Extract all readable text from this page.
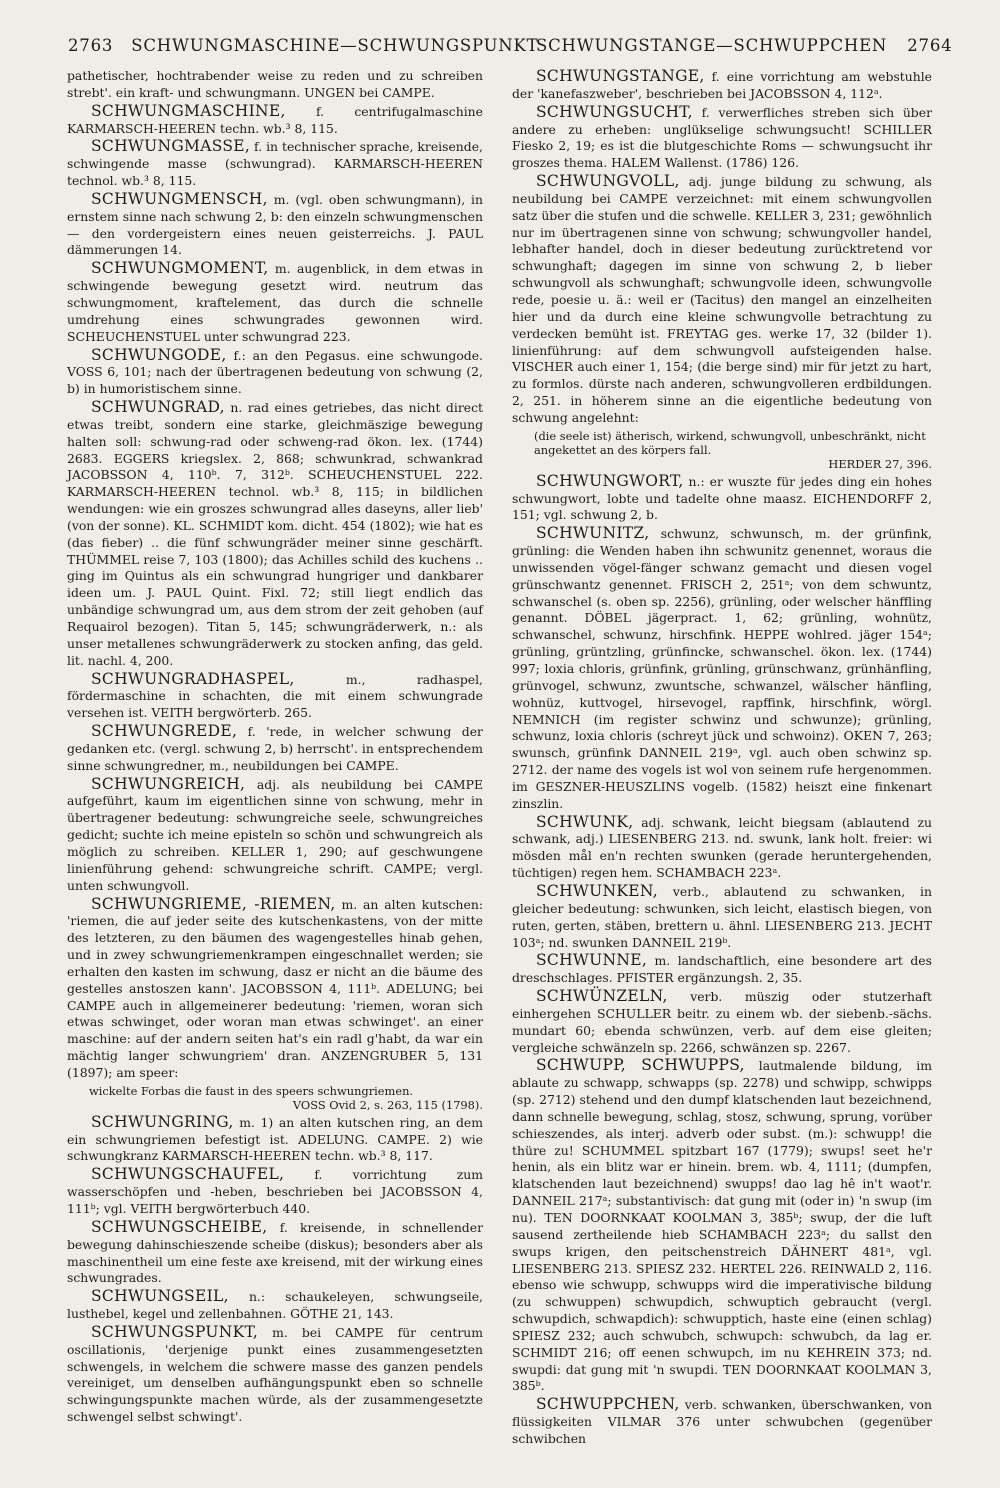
2763 SCHWUNGMASCHINE—SCHWUNGSPUNKT
SCHWUNGSTANGE—SCHWUPPCHEN 2764

pathetischer, hochtrabender weise zu reden und zu schreiben strebt'. ein kraft- und schwungmann. UNGEN bei CAMPE.

SCHWUNGMASCHINE, f. centrifugalmaschine KARMARSCH-HEEREN techn. wb.³ 8, 115.

SCHWUNGMASSE, f. in technischer sprache, kreisende, schwingende masse (schwungrad). KARMARSCH-HEEREN technol. wb.³ 8, 115.

SCHWUNGMENSCH, m. (vgl. oben schwungmann), in ernstem sinne nach schwung 2, b: den einzeln schwungmenschen — den vordergeistern eines neuen geisterreichs. J. PAUL dämmerungen 14.

SCHWUNGMOMENT, m. augenblick, in dem etwas in schwingende bewegung gesetzt wird. neutrum das schwungmoment, kraftelement, das durch die schnelle umdrehung eines schwungrades gewonnen wird. SCHEUCHENSTUEL unter schwungrad 223.

SCHWUNGODE, f.: an den Pegasus. eine schwungode. VOSS 6, 101; nach der übertragenen bedeutung von schwung (2, b) in humoristischem sinne.

SCHWUNGRAD, n. rad eines getriebes, das nicht direct etwas treibt, sondern eine starke, gleichmäszige bewegung halten soll: schwung-rad oder schweng-rad ökon. lex. (1744) 2683. EGGERS kriegslex. 2, 868; schwunkrad, schwankrad JACOBSSON 4, 110ᵇ. 7, 312ᵇ. SCHEUCHENSTUEL 222. KARMARSCH-HEEREN technol. wb.³ 8, 115; in bildlichen wendungen: wie ein groszes schwungrad alles daseyns, aller lieb' (von der sonne). KL. SCHMIDT kom. dicht. 454 (1802); wie hat es (das fieber) .. die fünf schwungräder meiner sinne geschärft. THÜMMEL reise 7, 103 (1800); das Achilles schild des kuchens .. ging im Quintus als ein schwungrad hungriger und dankbarer ideen um. J. PAUL Quint. Fixl. 72; still liegt endlich das unbändige schwungrad um, aus dem strom der zeit gehoben (auf Requairol bezogen). Titan 5, 145; schwungräderwerk, n.: als unser metallenes schwungräderwerk zu stocken anfing, das geld. lit. nachl. 4, 200.

SCHWUNGRADHASPEL, m., radhaspel, fördermaschine in schachten, die mit einem schwungrade versehen ist. VEITH bergwörterb. 265.

SCHWUNGREDE, f. 'rede, in welcher schwung der gedanken etc. (vergl. schwung 2, b) herrscht'. in entsprechendem sinne schwungredner, m., neubildungen bei CAMPE.

SCHWUNGREICH, adj. als neubildung bei CAMPE aufgeführt, kaum im eigentlichen sinne von schwung, mehr in übertragener bedeutung: schwungreiche seele, schwungreiches gedicht; suchte ich meine episteln so schön und schwungreich als möglich zu schreiben. KELLER 1, 290; auf geschwungene linienführung gehend: schwungreiche schrift. CAMPE; vergl. unten schwungvoll.

SCHWUNGRIEME, -RIEMEN, m. an alten kutschen: 'riemen, die auf jeder seite des kutschenkastens, von der mitte des letzteren, zu den bäumen des wagengestelles hinab gehen, und in zwey schwungriemenkrampen eingeschnallet werden; sie erhalten den kasten im schwung, dasz er nicht an die bäume des gestelles anstoszen kann'. JACOBSSON 4, 111ᵇ. ADELUNG; bei CAMPE auch in allgemeinerer bedeutung: 'riemen, woran sich etwas schwinget, oder woran man etwas schwinget'. an einer maschine: auf der andern seiten hat's ein radl g'habt, da war ein mächtig langer schwungriem' dran. ANZENGRUBER 5, 131 (1897); am speer:

wickelte Forbas die faust in des speers schwungriemen.
VOSS Ovid 2, s. 263, 115 (1798).

SCHWUNGRING, m. 1) an alten kutschen ring, an dem ein schwungriemen befestigt ist. ADELUNG. CAMPE. 2) wie schwungkranz KARMARSCH-HEEREN techn. wb.³ 8, 117.

SCHWUNGSCHAUFEL, f. vorrichtung zum wasserschöpfen und -heben, beschrieben bei JACOBSSON 4, 111ᵇ; vgl. VEITH bergwörterbuch 440.

SCHWUNGSCHEIBE, f. kreisende, in schnellender bewegung dahinschieszende scheibe (diskus); besonders aber als maschinentheil um eine feste axe kreisend, mit der wirkung eines schwungrades.

SCHWUNGSEIL, n.: schaukeleyen, schwungseile, lusthebel, kegel und zellenbahnen. GÖTHE 21, 143.

SCHWUNGSPUNKT, m. bei CAMPE für centrum oscillationis, 'derjenige punkt eines zusammengesetzten schwengels, in welchem die schwere masse des ganzen pendels vereiniget, um denselben aufhängungspunkt eben so schnelle schwingungspunkte machen würde, als der zusammengesetzte schwengel selbst schwingt'.

SCHWUNGSTANGE, f. eine vorrichtung am webstuhle der 'kanefaszweber', beschrieben bei JACOBSSON 4, 112ᵃ.

SCHWUNGSUCHT, f. verwerfliches streben sich über andere zu erheben: unglükselige schwungsucht! SCHILLER Fiesko 2, 19; es ist die blutgeschichte Roms — schwungsucht ihr groszes thema. HALEM Wallenst. (1786) 126.

SCHWUNGVOLL, adj. junge bildung zu schwung, als neubildung bei CAMPE verzeichnet: mit einem schwungvollen satz über die stufen und die schwelle. KELLER 3, 231; gewöhnlich nur im übertragenen sinne von schwung; schwungvoller handel, lebhafter handel, doch in dieser bedeutung zurücktretend vor schwunghaft; dagegen im sinne von schwung 2, b lieber schwungvoll als schwunghaft; schwungvolle ideen, schwungvolle rede, poesie u. ä.: weil er (Tacitus) den mangel an einzelheiten hier und da durch eine kleine schwungvolle betrachtung zu verdecken bemüht ist. FREYTAG ges. werke 17, 32 (bilder 1). linienführung: auf dem schwungvoll aufsteigenden halse. VISCHER auch einer 1, 154; (die berge sind) mir für jetzt zu hart, zu formlos. dürste nach anderen, schwungvolleren erdbildungen. 2, 251. in höherem sinne an die eigentliche bedeutung von schwung angelehnt:

(die seele ist) ätherisch, wirkend, schwungvoll, unbeschränkt, nicht angekettet an des körpers fall.
HERDER 27, 396.

SCHWUNGWORT, n.: er wuszte für jedes ding ein hohes schwungwort, lobte und tadelte ohne maasz. EICHENDORFF 2, 151; vgl. schwung 2, b.

SCHWUNITZ, schwunz, schwunsch, m. der grünfink, grünling: die Wenden haben ihn schwunitz genennet, woraus die unwissenden vögel-fänger schwanz gemacht und diesen vogel grünschwantz genennet. FRISCH 2, 251ᵃ; von dem schwuntz, schwanschel (s. oben sp. 2256), grünling, oder welscher hänffling genannt. DÖBEL jägerpract. 1, 62; grünling, wohnütz, schwanschel, schwunz, hirschfink. HEPPE wohlred. jäger 154ᵃ; grünling, grüntzling, grünfincke, schwanschel. ökon. lex. (1744) 997; loxia chloris, grünfink, grünling, grünschwanz, grünhänfling, grünvogel, schwunz, zwuntsche, schwanzel, wälscher hänfling, wohnüz, kuttvogel, hirsevogel, rapffink, hirschfink, wörgl. NEMNICH (im register schwinz und schwunze); grünling, schwunz, loxia chloris (schreyt jück und schwoinz). OKEN 7, 263; swunsch, grünfink DANNEIL 219ᵃ, vgl. auch oben schwinz sp. 2712. der name des vogels ist wol von seinem rufe hergenommen. im GESZNER-HEUSZLINS vogelb. (1582) heiszt eine finkenart zinszlin.

SCHWUNK, adj. schwank, leicht biegsam (ablautend zu schwank, adj.) LIESENBERG 213. nd. swunk, lank holt. freier: wi mösden mål en'n rechten swunken (gerade heruntergehenden, tüchtigen) regen hem. SCHAMBACH 223ᵃ.

SCHWUNKEN, verb., ablautend zu schwanken, in gleicher bedeutung: schwunken, sich leicht, elastisch biegen, von ruten, gerten, stäben, brettern u. ähnl. LIESENBERG 213. JECHT 103ᵃ; nd. swunken DANNEIL 219ᵇ.

SCHWUNNE, m. landschaftlich, eine besondere art des dreschschlages. PFISTER ergänzungsh. 2, 35.

SCHWÜNZELN, verb. müszig oder stutzerhaft einhergehen SCHULLER beitr. zu einem wb. der siebenb.-sächs. mundart 60; ebenda schwünzen, verb. auf dem eise gleiten; vergleiche schwänzeln sp. 2266, schwänzen sp. 2267.

SCHWUPP, SCHWUPPS, lautmalende bildung, im ablaute zu schwapp, schwapps (sp. 2278) und schwipp, schwipps (sp. 2712) stehend und den dumpf klatschenden laut bezeichnend, dann schnelle bewegung, schlag, stosz, schwung, sprung, vorüber schieszendes, als interj. adverb oder subst. (m.): schwupp! die thüre zu! SCHUMMEL spitzbart 167 (1779); swups! seet he'r henin, als ein blitz war er hinein. brem. wb. 4, 1111; (dumpfen, klatschenden laut bezeichnend) swupps! dao lag hê in't waot'r. DANNEIL 217ᵃ; substantivisch: dat gung mit (oder in) 'n swup (im nu). TEN DOORNKAAT KOOLMAN 3, 385ᵇ; swup, der die luft sausend zertheilende hieb SCHAMBACH 223ᵃ; du sallst den swups krigen, den peitschenstreich DÄHNERT 481ᵃ, vgl. LIESENBERG 213. SPIESZ 232. HERTEL 226. REINWALD 2, 116. ebenso wie schwupp, schwupps wird die imperativische bildung (zu schwuppen) schwupdich, schwuptich gebraucht (vergl. schwupdich, schwapdich): schwupptich, haste eine (einen schlag) SPIESZ 232; auch schwubch, schwupch: schwubch, da lag er. SCHMIDT 216; off eenen schwupch, im nu KEHREIN 373; nd. swupdi: dat gung mit 'n swupdi. TEN DOORNKAAT KOOLMAN 3, 385ᵇ.

SCHWUPPCHEN, verb. schwanken, überschwanken, von flüssigkeiten VILMAR 376 unter schwubchen (gegenüber schwibchen
